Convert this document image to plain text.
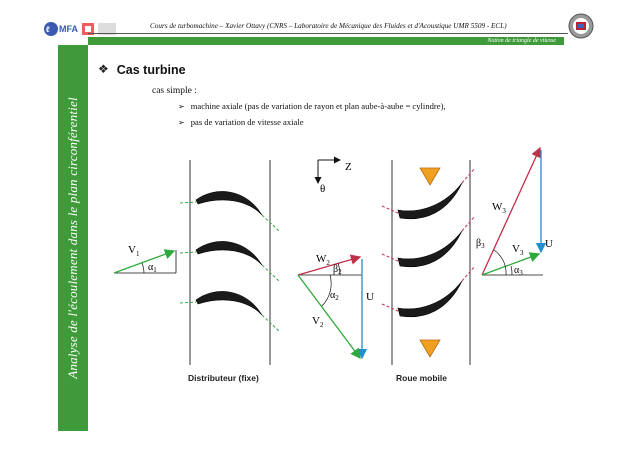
ℓ MFA	Cours de turbomachine – Xavier Ottavy (CNRS – Laboratoire de Mécanique des Fluides et d'Acoustique UMR 5509 - ECL)
Notion de triangle de vitesse
Analyse de l'écoulement dans le plan circonférentiel
❖ Cas turbine
cas simple :
➢ machine axiale (pas de variation de rayon et plan aube-à-aube = cylindre),
➢ pas de variation de vitesse axiale
Z
θ
Distributeur (fixe)	Roue mobile
$V_1$
$\alpha_1$
$W_2$
$\beta_2$
$\alpha_2$ U
$V_2$
$W_3$
$\beta_3$ $V_3$
U
$\alpha_3$
